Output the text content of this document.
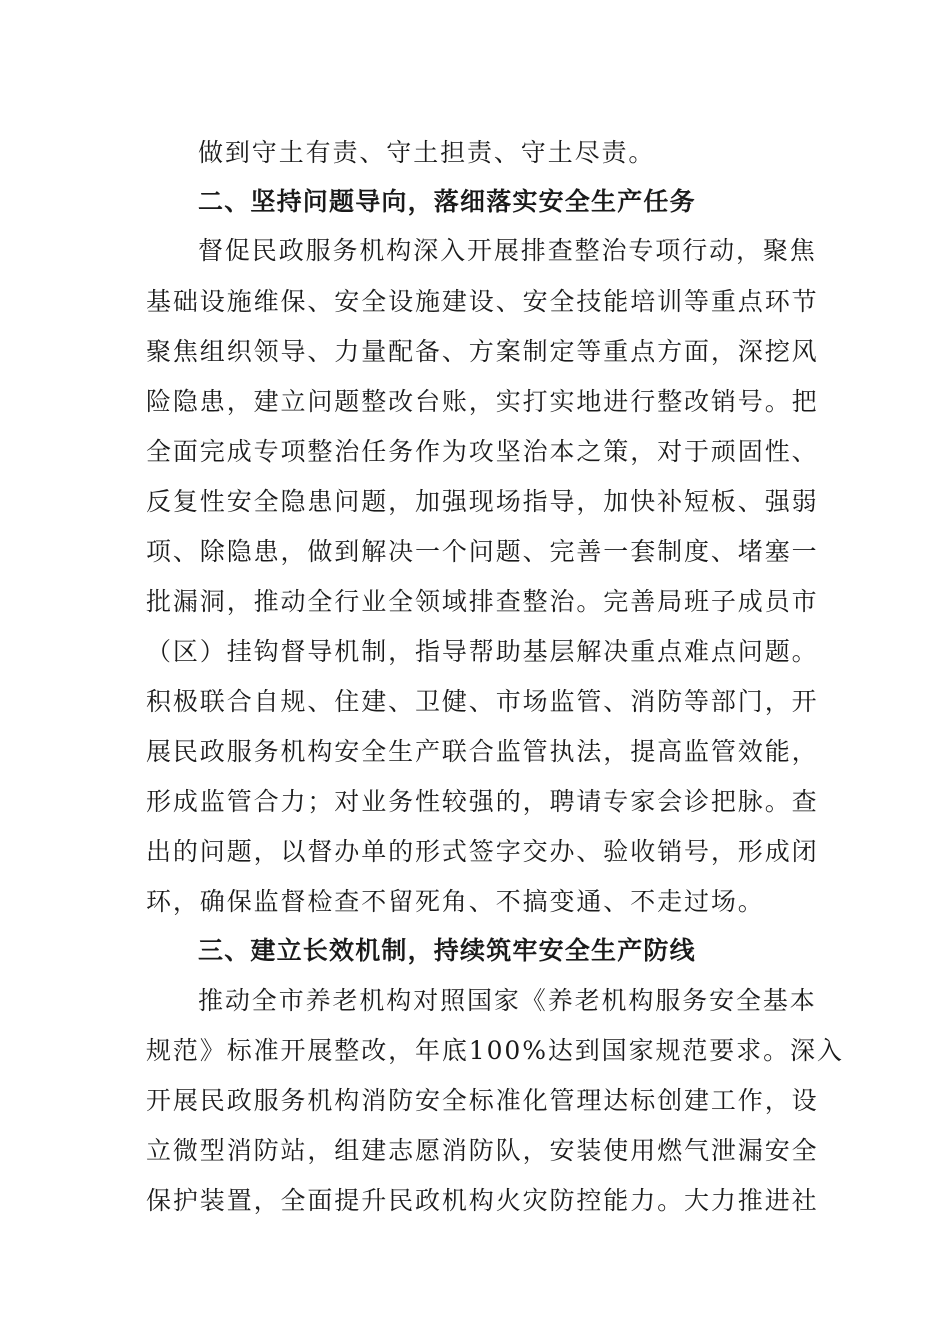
做到守土有责、守土担责、守土尽责。
二、坚持问题导向，落细落实安全生产任务
督促民政服务机构深入开展排查整治专项行动，聚焦
基础设施维保、安全设施建设、安全技能培训等重点环节
聚焦组织领导、力量配备、方案制定等重点方面，深挖风
险隐患，建立问题整改台账，实打实地进行整改销号。把
全面完成专项整治任务作为攻坚治本之策，对于顽固性、
反复性安全隐患问题，加强现场指导，加快补短板、强弱
项、除隐患，做到解决一个问题、完善一套制度、堵塞一
批漏洞，推动全行业全领域排查整治。完善局班子成员市
（区）挂钩督导机制，指导帮助基层解决重点难点问题。
积极联合自规、住建、卫健、市场监管、消防等部门，开
展民政服务机构安全生产联合监管执法，提高监管效能，
形成监管合力；对业务性较强的，聘请专家会诊把脉。查
出的问题，以督办单的形式签字交办、验收销号，形成闭
环，确保监督检查不留死角、不搞变通、不走过场。
三、建立长效机制，持续筑牢安全生产防线
推动全市养老机构对照国家《养老机构服务安全基本
规范》标准开展整改，年底100%达到国家规范要求。深入
开展民政服务机构消防安全标准化管理达标创建工作，设
立微型消防站，组建志愿消防队，安装使用燃气泄漏安全
保护装置，全面提升民政机构火灾防控能力。大力推进社
